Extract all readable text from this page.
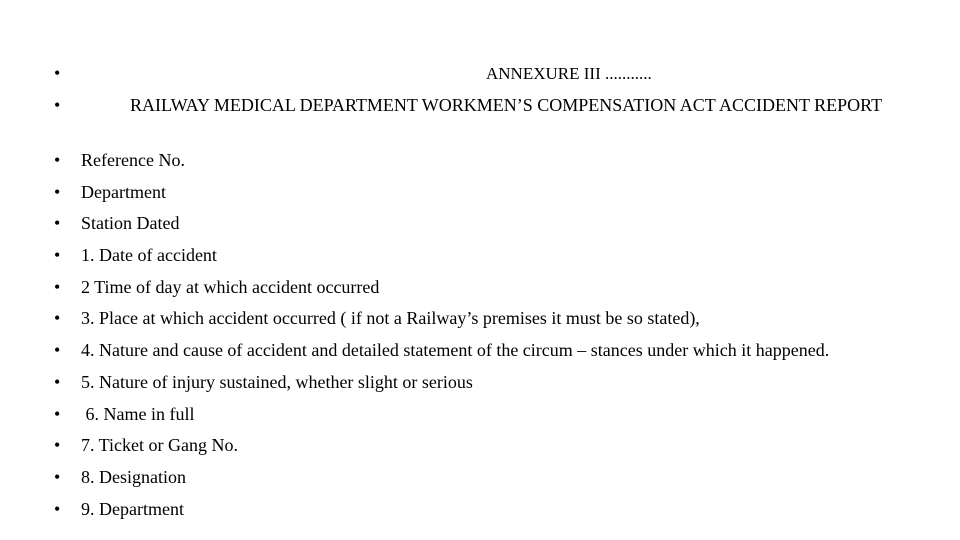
•	ANNEXURE III ...........
•	RAILWAY MEDICAL DEPARTMENT WORKMEN’S COMPENSATION ACT ACCIDENT REPORT
• Reference No.
• Department
• Station Dated
• 1. Date of accident
• 2 Time of day at which accident occurred
• 3. Place at which accident occurred ( if not a Railway’s premises it must be so stated),
• 4. Nature and cause of accident and detailed statement of the circum – stances under which it happened.
• 5. Nature of injury sustained, whether slight or serious
• 6. Name in full
• 7. Ticket or Gang No.
• 8. Designation
• 9. Department
